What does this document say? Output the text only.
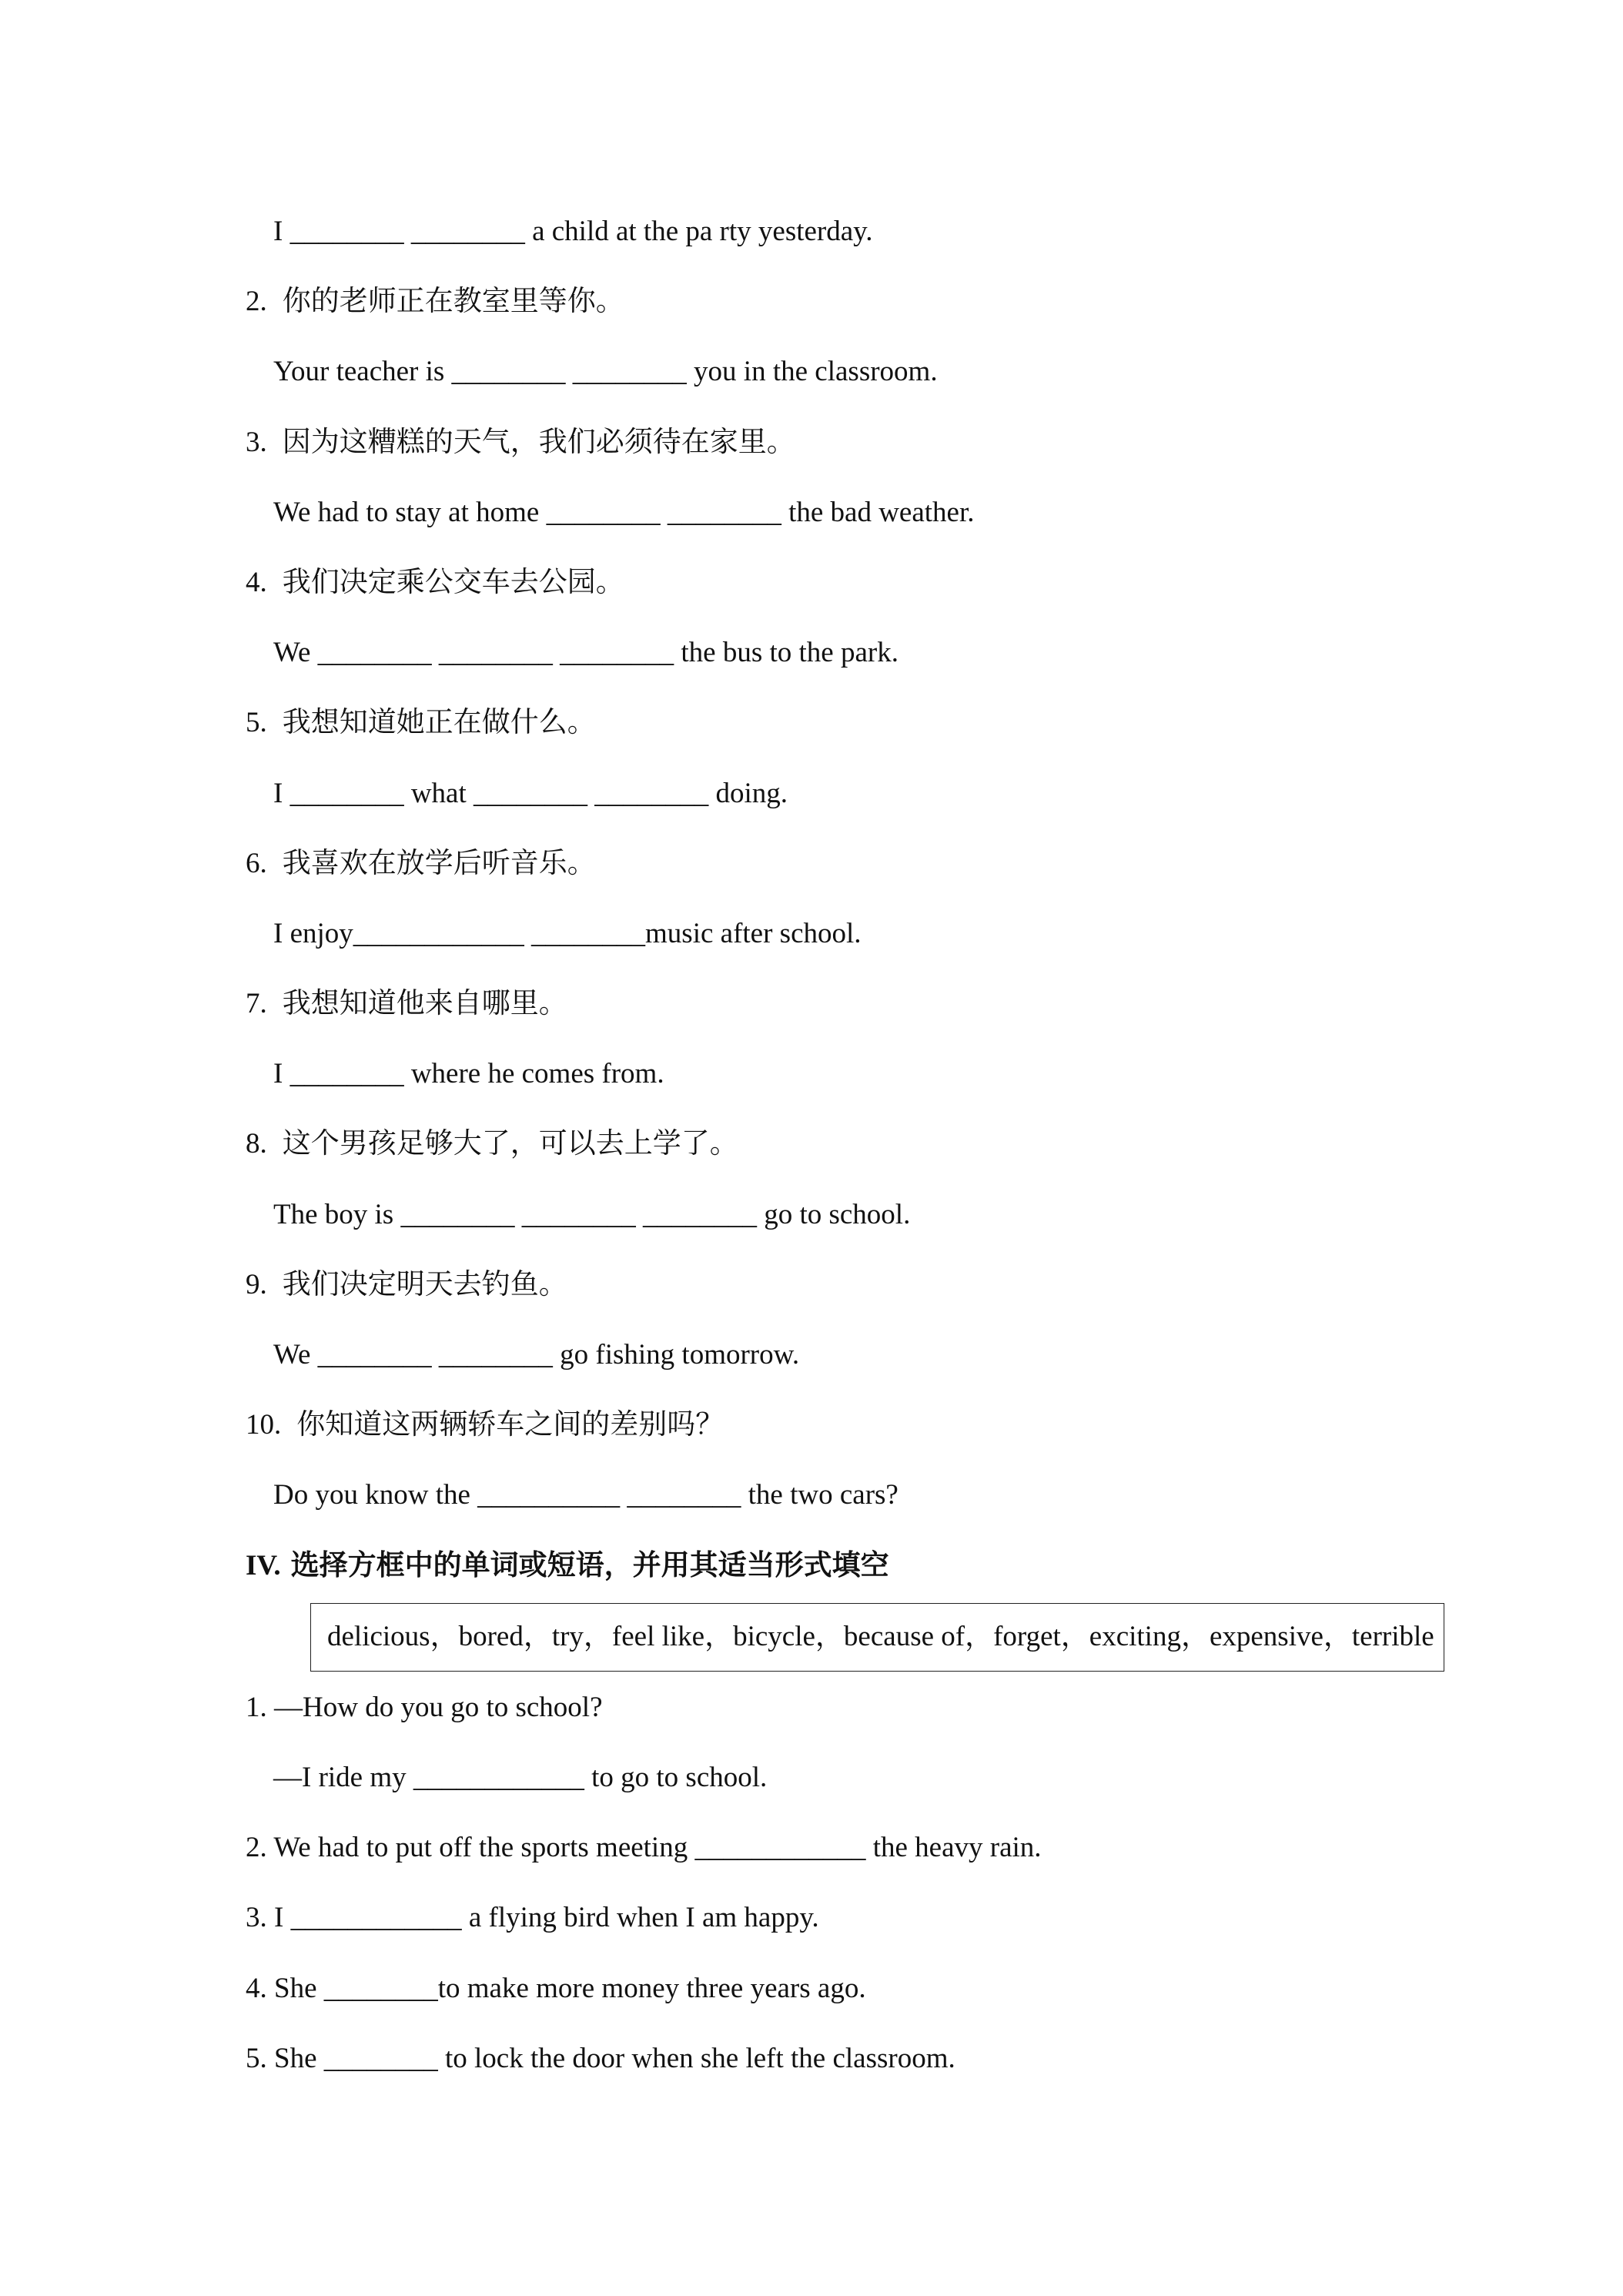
I ________ ________ a child at the pa rty yesterday.
2. 你的老师正在教室里等你。
Your teacher is ________ ________ you in the classroom.
3. 因为这糟糕的天气，我们必须待在家里。
We had to stay at home ________ ________ the bad weather.
4. 我们决定乘公交车去公园。
We ________ ________ ________ the bus to the park.
5. 我想知道她正在做什么。
I ________ what ________ ________ doing.
6. 我喜欢在放学后听音乐。
I enjoy____________ ________music after school.
7. 我想知道他来自哪里。
I ________ where he comes from.
8. 这个男孩足够大了，可以去上学了。
The boy is ________ ________ ________ go to school.
9. 我们决定明天去钓鱼。
We ________ ________ go fishing tomorrow.
10. 你知道这两辆轿车之间的差别吗？
Do you know the __________ ________ the two cars?
IV. 选择方框中的单词或短语，并用其适当形式填空
delicious，bored，try，feel like，bicycle，because of，forget，exciting，expensive，terrible
1. —How do you go to school?
—I ride my ____________ to go to school.
2. We had to put off the sports meeting ____________ the heavy rain.
3. I ____________ a flying bird when I am happy.
4. She ________to make more money three years ago.
5. She ________ to lock the door when she left the classroom.
